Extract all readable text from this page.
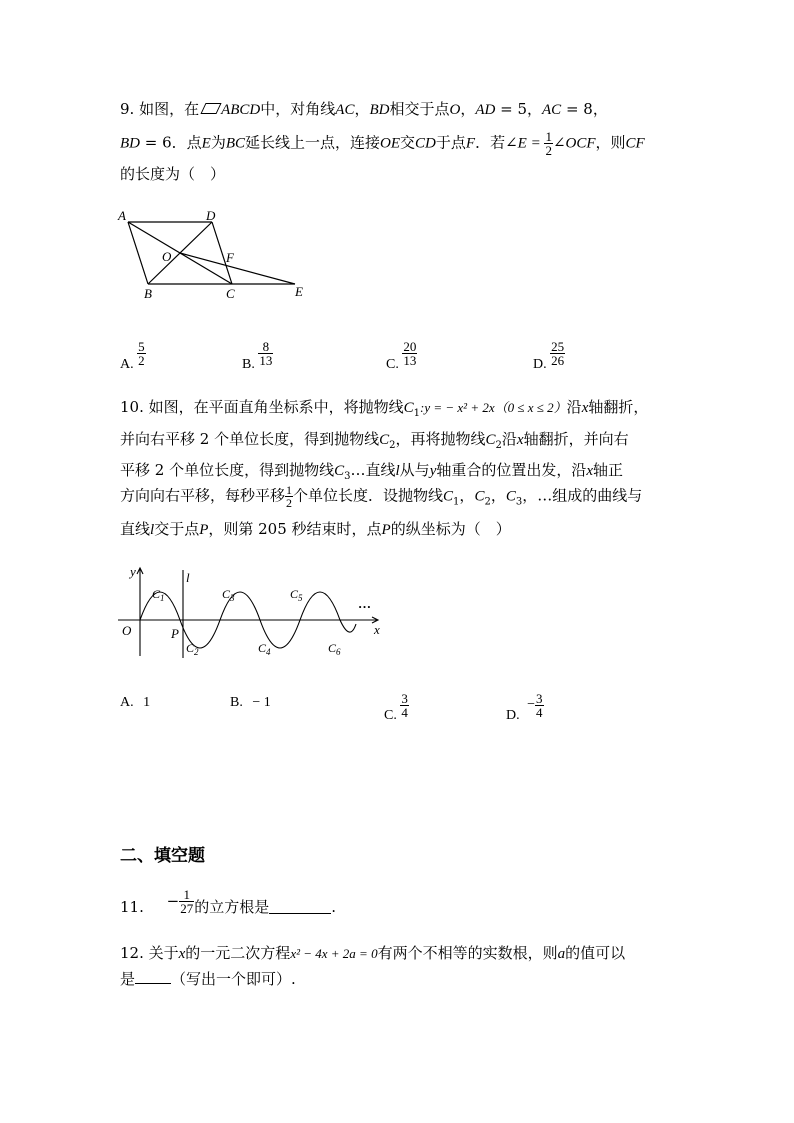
9. 如图，在 ABCD中，对角线AC，BD相交于点O，AD = 5，AC = 8，
BD = 6．点E为BC延长线上一点，连接OE交CD于点F．若∠E = $\frac{1}{2}$ ∠OCF，则CF
的长度为（　）
A	D
O	F
B	C	E
A. $\frac{5}{2}$	B. $\frac{8}{13}$	C. $\frac{20}{13}$	D. $\frac{25}{26}$
10. 如图，在平面直角坐标系中，将抛物线$C_1:y$ = − x² + 2x（0 ≤ x ≤ 2）沿x轴翻折，
并向右平移 2 个单位长度，得到抛物线$C_2$，再将抛物线$C_2$沿x轴翻折，并向右
平移 2 个单位长度，得到抛物线$C_3\dots$直线l从与y轴重合的位置出发，沿x轴正
方向向右平移，每秒平移 $\frac{1}{2}$ 个单位长度．设抛物线$C_1$，$C_2$，$C_3$，…组成的曲线与
直线l交于点P，则第 205 秒结束时，点P的纵坐标为（　）
y	l
x
O	P
…
$C_1$
$C_2$
$C_3$
$C_4$
$C_5$
$C_6$
A. 1	B. − 1
C. $\frac{3}{4}$	D. − $\frac{3}{4}$
二、填空题
11. − $\frac{1}{27}$ 的立方根是	.
12. 关于x的一元二次方程x² − 4x + 2a = 0有两个不相等的实数根，则a的值可以
是 （写出一个即可）.
